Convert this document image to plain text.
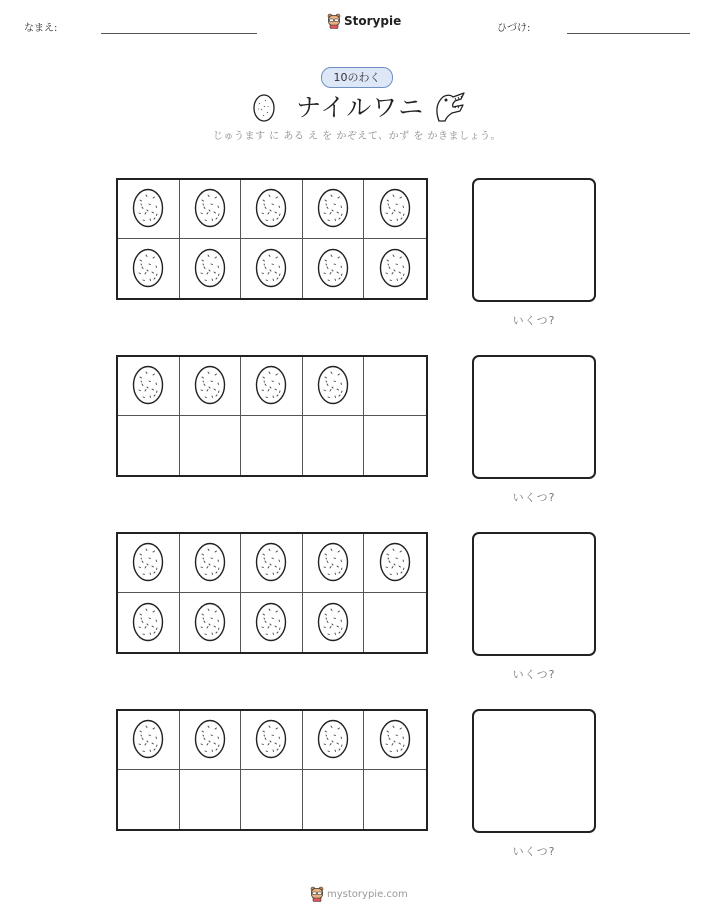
なまえ:
Storypie
ひづけ:
10のわく
ナイルワニ
じゅうます に ある え を かぞえて、かず を かきましょう。
いくつ?
いくつ?
いくつ?
いくつ?
mystorypie.com
